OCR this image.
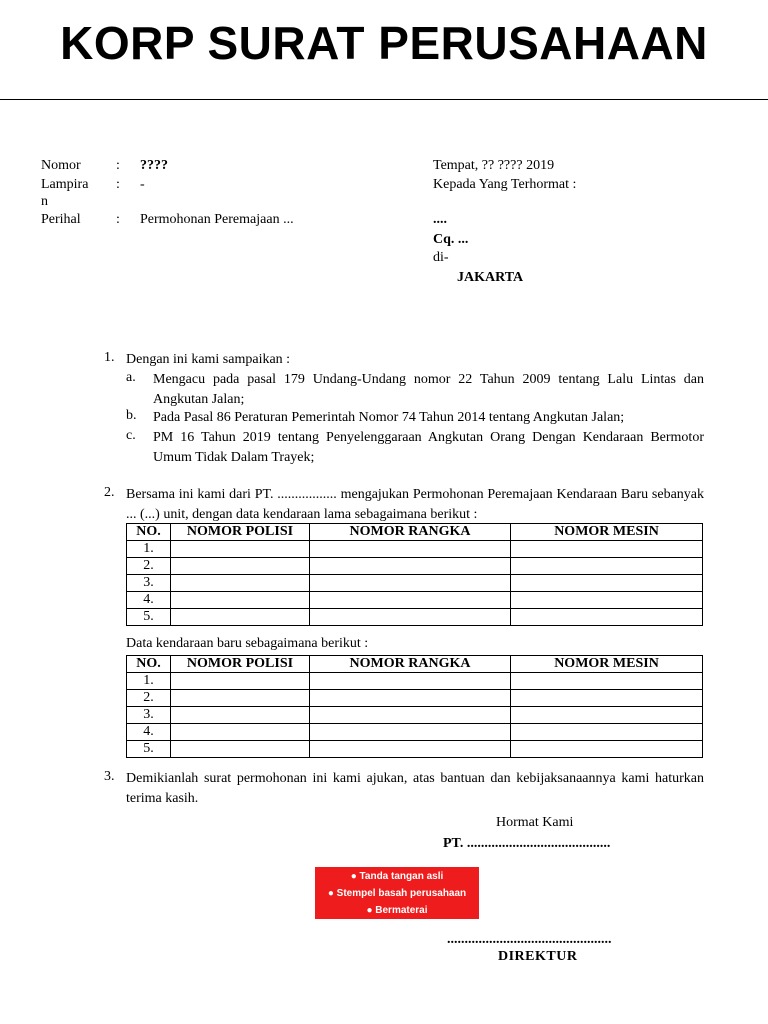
KORP SURAT PERUSAHAAN
Nomor	: ????
Lampira
n
: -
Perihal	: Permohonan Peremajaan ...
Tempat, ?? ???? 2019
Kepada Yang Terhormat :
....
Cq. ...
di-
JAKARTA
1. Dengan ini kami sampaikan :
a. Mengacu pada pasal 179 Undang-Undang nomor 22 Tahun 2009 tentang Lalu Lintas dan Angkutan Jalan;
b. Pada Pasal 86 Peraturan Pemerintah Nomor 74 Tahun 2014 tentang Angkutan Jalan;
c. PM 16 Tahun 2019 tentang Penyelenggaraan Angkutan Orang Dengan Kendaraan Bermotor Umum Tidak Dalam Trayek;
2. Bersama ini kami dari PT. ................. mengajukan Permohonan Peremajaan Kendaraan Baru sebanyak ... (...) unit, dengan data kendaraan lama sebagaimana berikut :
NO.	NOMOR POLISI	NOMOR RANGKA	NOMOR MESIN
1.			
2.			
3.			
4.			
5.			
Data kendaraan baru sebagaimana berikut :
NO.	NOMOR POLISI	NOMOR RANGKA	NOMOR MESIN
1.			
2.			
3.			
4.			
5.			
3. Demikianlah surat permohonan ini kami ajukan, atas bantuan dan kebijaksanaannya kami haturkan terima kasih.
Hormat Kami
PT. .........................................
● Tanda tangan asli
● Stempel basah perusahaan
● Bermaterai
...............................................
DIREKTUR
